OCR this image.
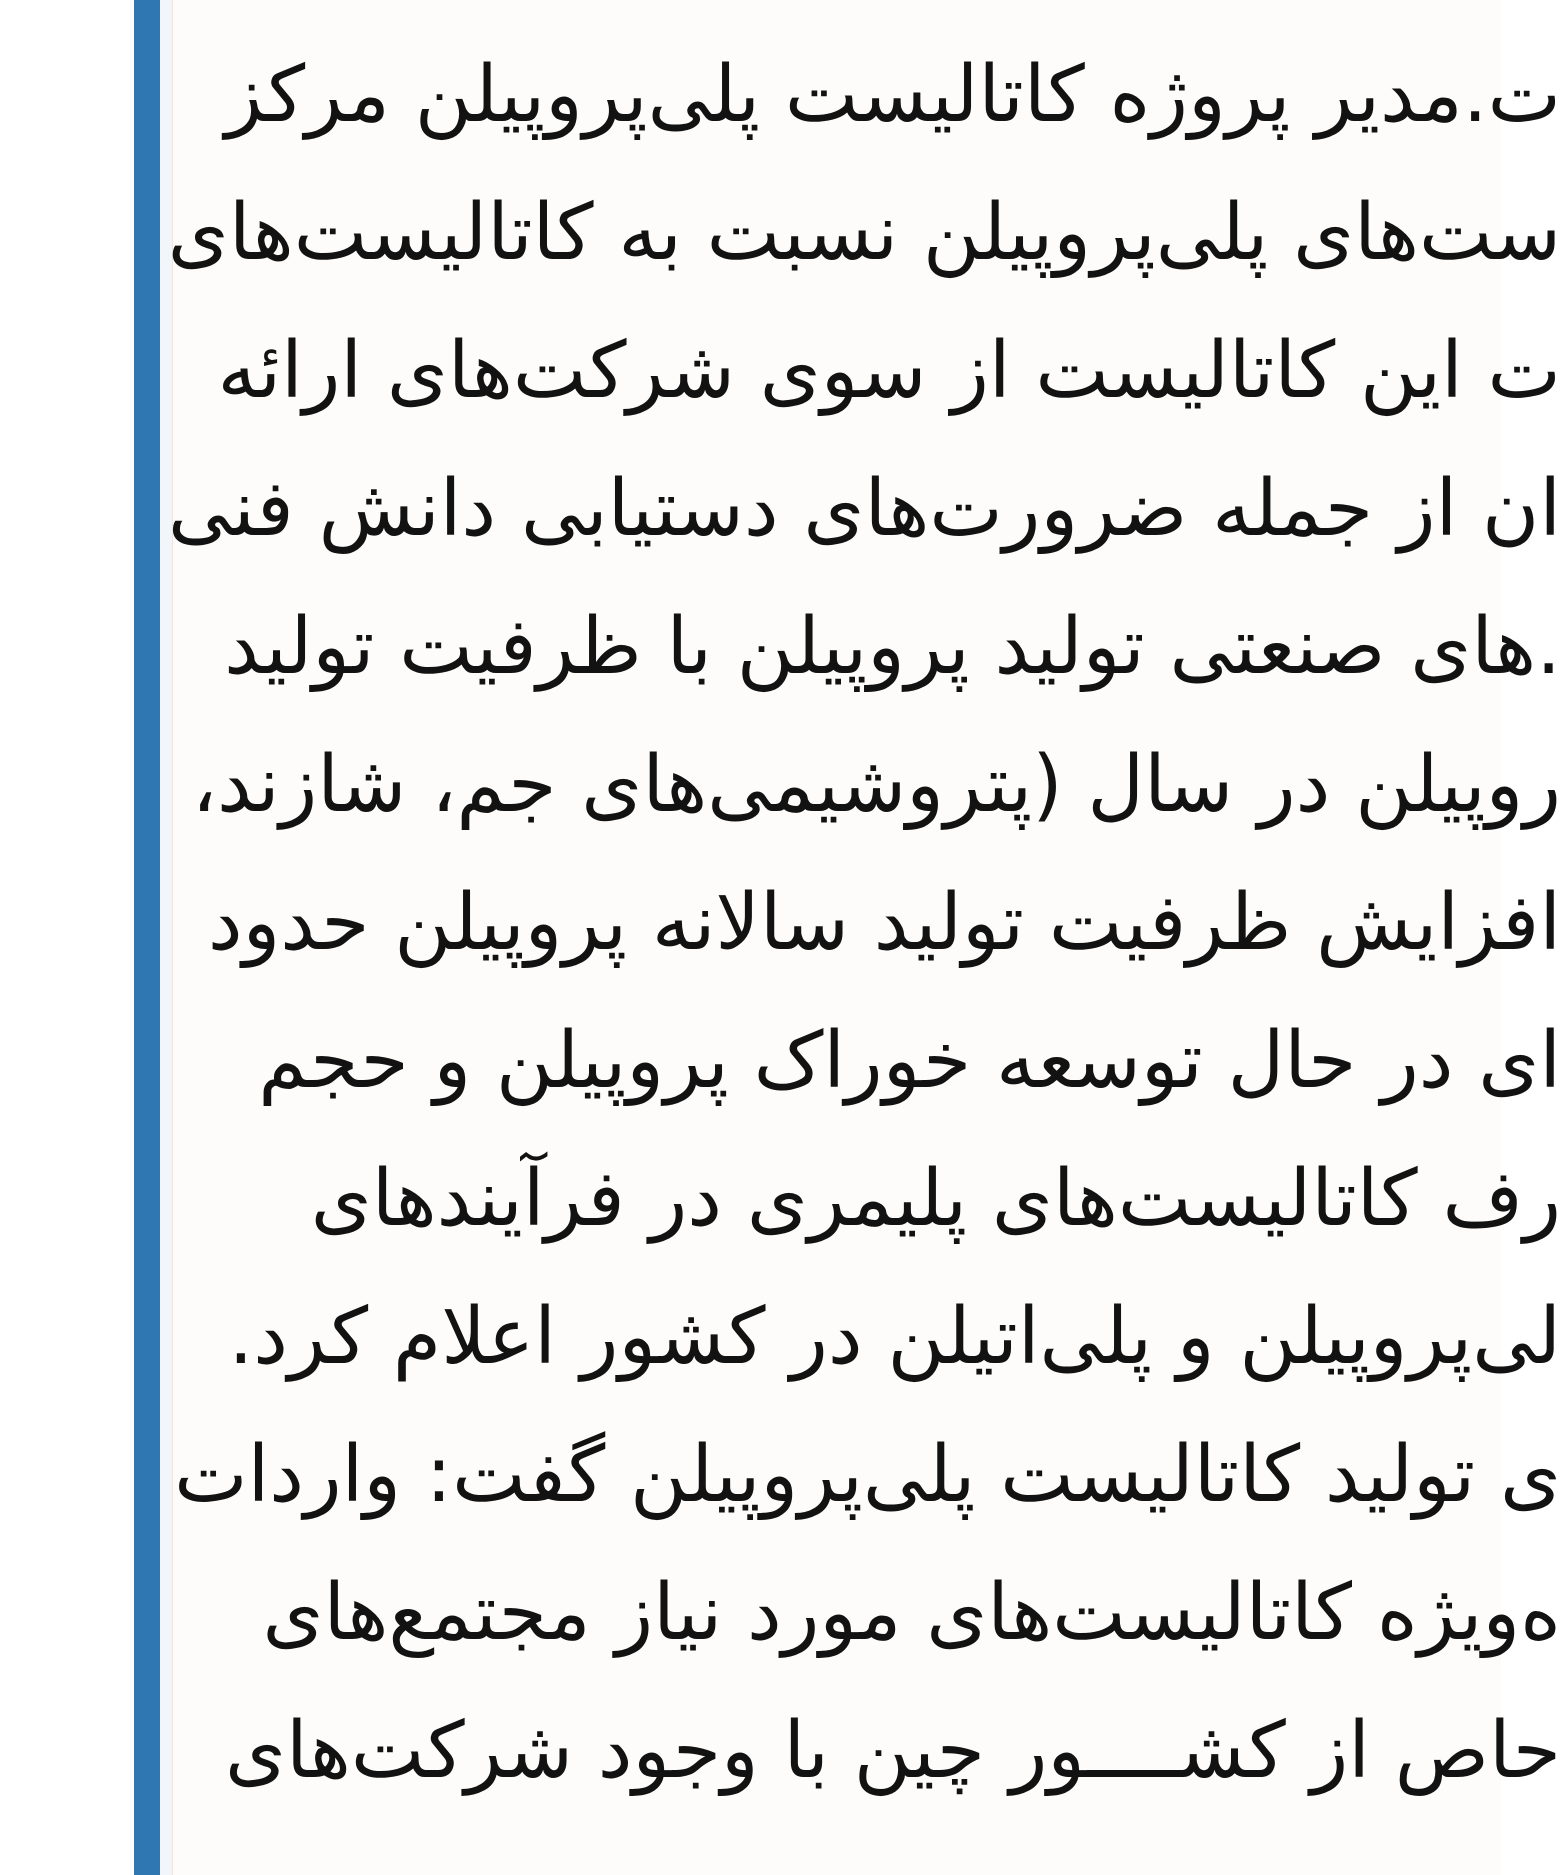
ت.مدیر پروژه کاتالیست پلی‌پروپیلن مرکز
ست‌های پلی‌پروپیلن نسبت به کاتالیست‌های
ت این کاتالیست از سوی شرکت‌های ارائه
ان از جمله ضرورت‌های دستیابی دانش فنی
.های صنعتی تولید پروپیلن با ظرفیت تولید
روپیلن در سال (پتروشیمی‌های جم، شازند،
افزایش ظرفیت تولید سالانه پروپیلن حدود
ای در حال توسعه خوراک پروپیلن و حجم
رف کاتالیست‌های پلیمری در فرآیندهای
لی‌پروپیلن و پلی‌اتیلن در کشور اعلام کرد.
ی تولید کاتالیست پلی‌پروپیلن گفت: واردات
ه‌ویژه کاتالیست‌های مورد نیاز مجتمع‌های
حاص از کشــــور چین با وجود شرکت‌های
